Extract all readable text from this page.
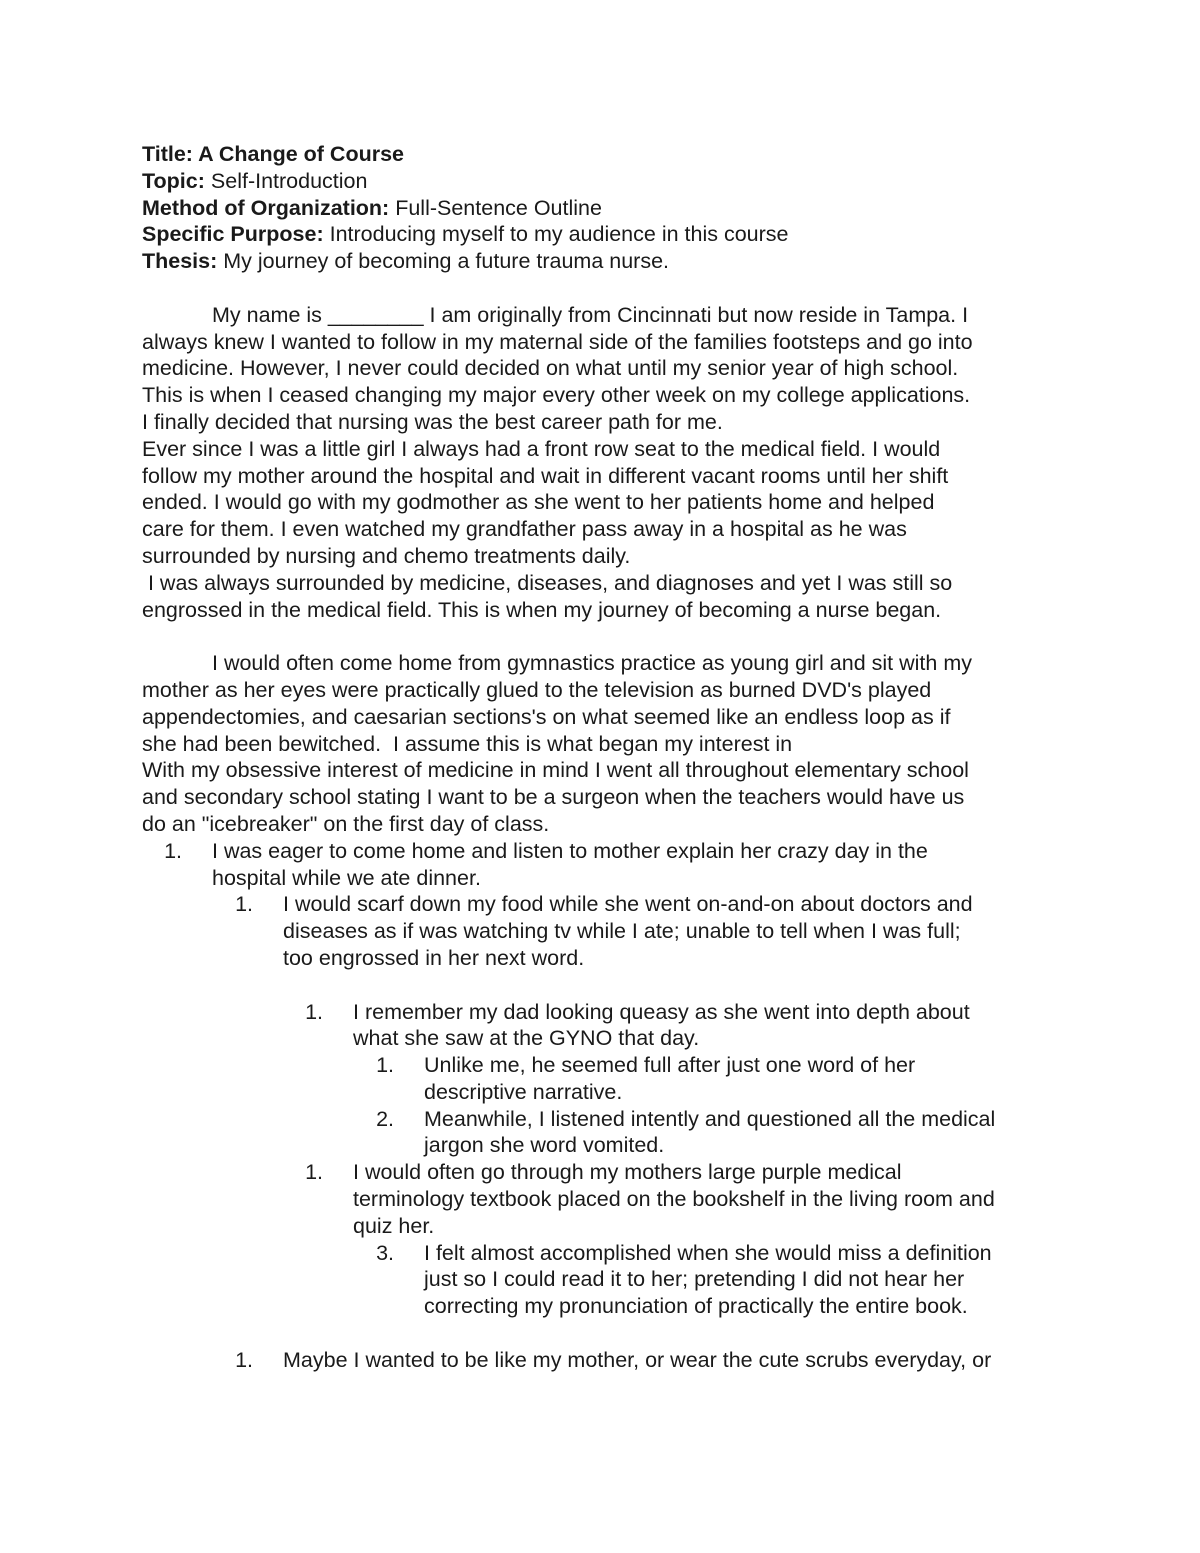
Title: A Change of Course

Topic: Self-Introduction

Method of Organization: Full-Sentence Outline

Specific Purpose: Introducing myself to my audience in this course

Thesis: My journey of becoming a future trauma nurse.

My name is ________ I am originally from Cincinnati but now reside in Tampa. I

always knew I wanted to follow in my maternal side of the families footsteps and go into

medicine. However, I never could decided on what until my senior year of high school.

This is when I ceased changing my major every other week on my college applications.

I finally decided that nursing was the best career path for me.

Ever since I was a little girl I always had a front row seat to the medical field. I would

follow my mother around the hospital and wait in different vacant rooms until her shift

ended. I would go with my godmother as she went to her patients home and helped

care for them. I even watched my grandfather pass away in a hospital as he was

surrounded by nursing and chemo treatments daily.

I was always surrounded by medicine, diseases, and diagnoses and yet I was still so

engrossed in the medical field. This is when my journey of becoming a nurse began.

I would often come home from gymnastics practice as young girl and sit with my

mother as her eyes were practically glued to the television as burned DVD's played

appendectomies, and caesarian sections's on what seemed like an endless loop as if

she had been bewitched.  I assume this is what began my interest in

With my obsessive interest of medicine in mind I went all throughout elementary school

and secondary school stating I want to be a surgeon when the teachers would have us

do an "icebreaker" on the first day of class.

1. I was eager to come home and listen to mother explain her crazy day in the

hospital while we ate dinner.

1. I would scarf down my food while she went on-and-on about doctors and

diseases as if was watching tv while I ate; unable to tell when I was full;

too engrossed in her next word.

1. I remember my dad looking queasy as she went into depth about

what she saw at the GYNO that day.

1. Unlike me, he seemed full after just one word of her

descriptive narrative.

2. Meanwhile, I listened intently and questioned all the medical

jargon she word vomited.

1. I would often go through my mothers large purple medical

terminology textbook placed on the bookshelf in the living room and

quiz her.

3. I felt almost accomplished when she would miss a definition

just so I could read it to her; pretending I did not hear her

correcting my pronunciation of practically the entire book.

1. Maybe I wanted to be like my mother, or wear the cute scrubs everyday, or
